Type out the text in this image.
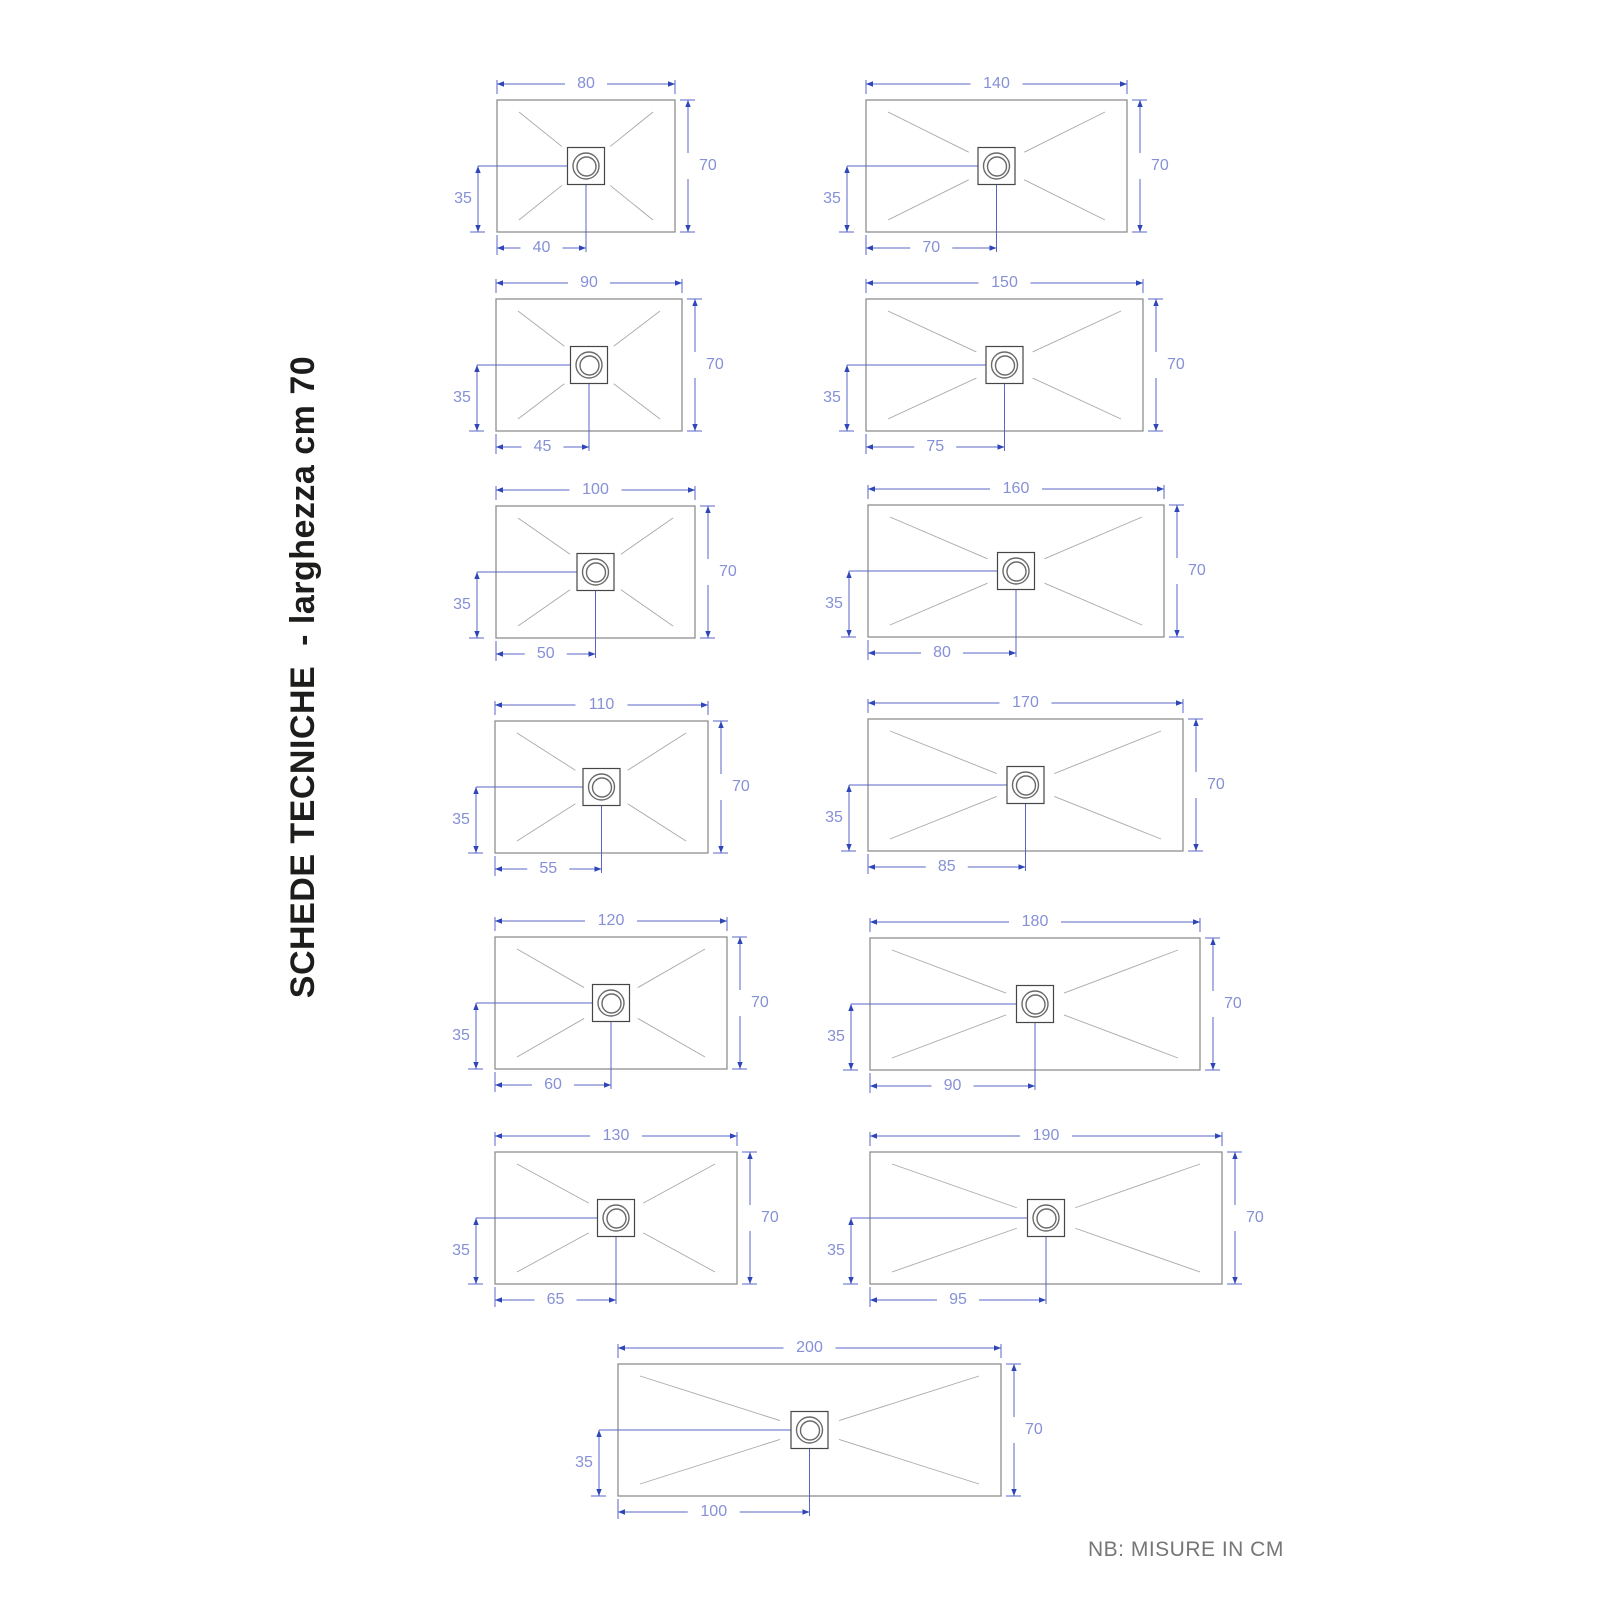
SCHEDE TECNICHE  - larghezza cm 70
80
70
35
40
90
70
35
45
100
70
35
50
110
70
35
55
120
70
35
60
130
70
35
65
140
70
35
70
150
70
35
75
160
70
35
80
170
70
35
85
180
70
35
90
190
70
35
95
200
70
35
100
NB: MISURE IN CM
